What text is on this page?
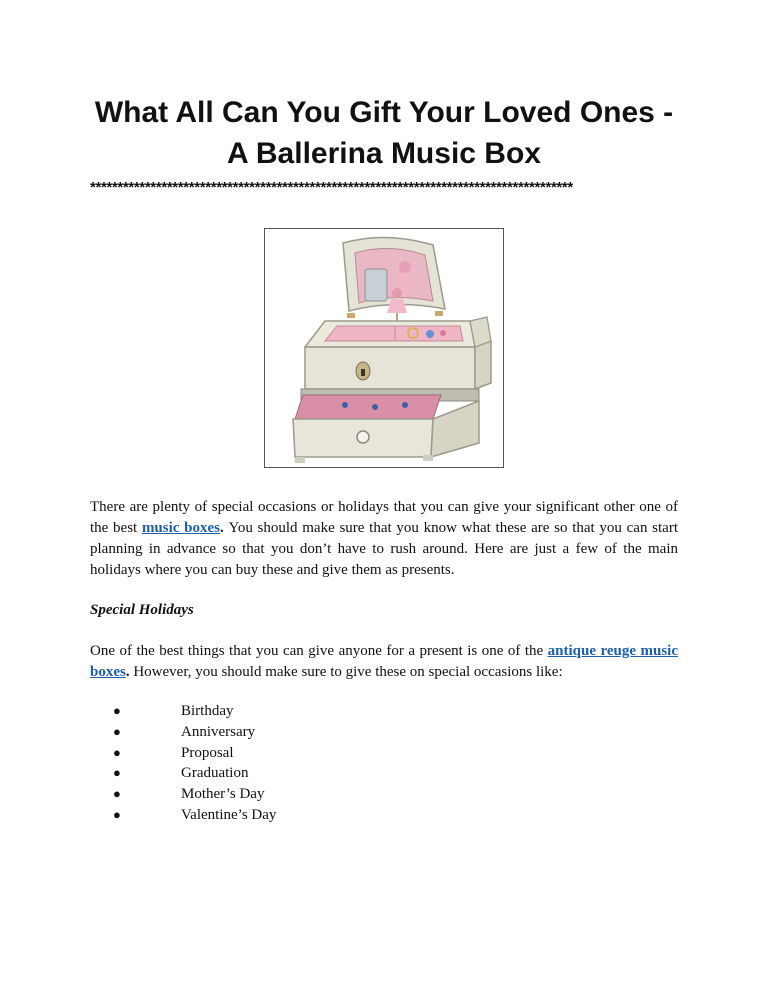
What All Can You Gift Your Loved Ones - A Ballerina Music Box
****************************************************************************************
There are plenty of special occasions or holidays that you can give your significant other one of the best music boxes. You should make sure that you know what these are so that you can start planning in advance so that you don’t have to rush around. Here are just a few of the main holidays where you can buy these and give them as presents.
Special Holidays
One of the best things that you can give anyone for a present is one of the antique reuge music boxes. However, you should make sure to give these on special occasions like:
●	Birthday
●	Anniversary
●	Proposal
●	Graduation
●	Mother’s Day
●	Valentine’s Day
